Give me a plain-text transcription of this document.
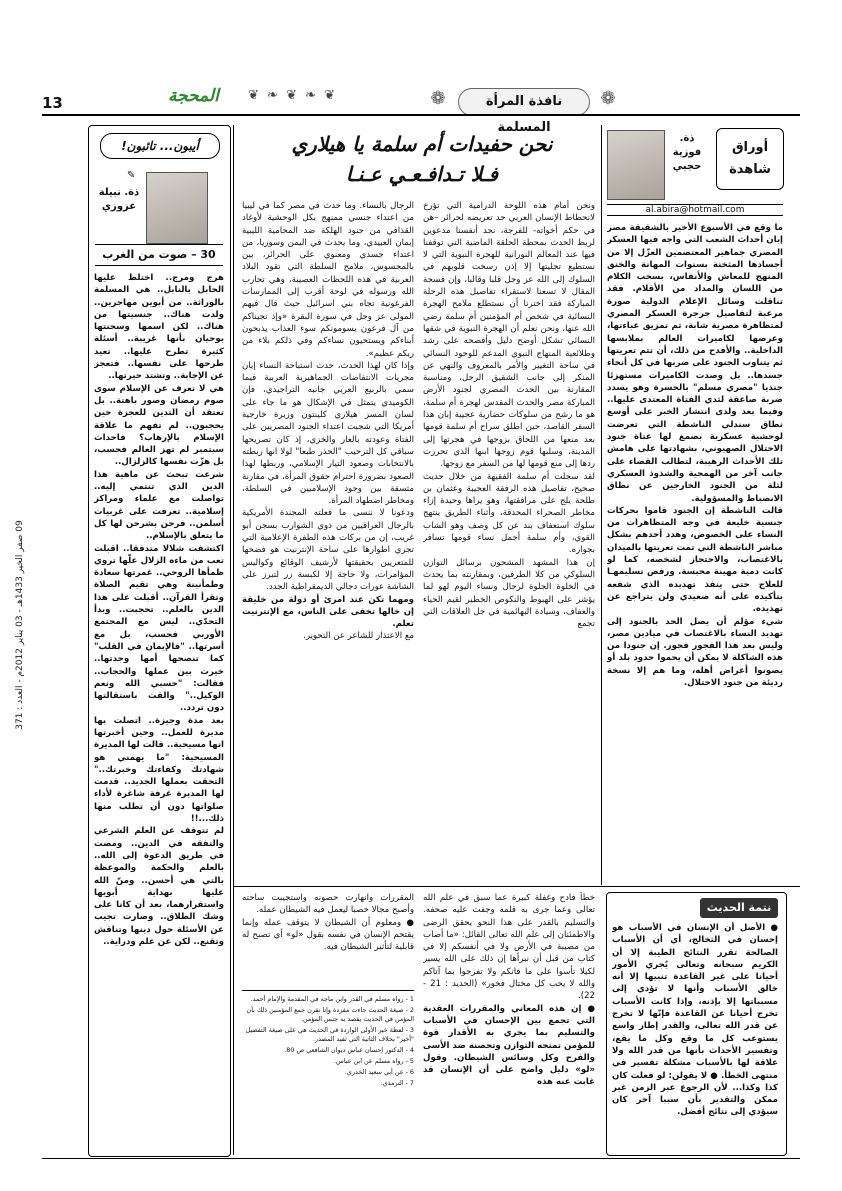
13	المحجة ❦ ❧ ❦ ❧ ❦	❁	نافذة المرأة المسلمة
❁
09 صفر الخير 1433هـ - 03 يناير 2012م - العدد : 371
أيبون... تائبون!
ذة. نبيلة عزوزي
✎
30 – صوت من الغرب

هرج ومرج.. اختلط عليها الحابل بالنابل.. هي المسلمة بالوراثة.. من أبوين مهاجرين.. ولدت هناك.. جنسيتها من هناك.. لكن اسمها وسحنتها يوحيان بأنها غريبة.. أسئلة كثيرة تطرح عليها.. تعيد طرحها على نفسها.. فتعجز عن الإجابة.. وتشتد حيرتها..

هي لا تعرف عن الإسلام سوى صوم رمضان وصور باهتة.. بل تعتقد أن التدين للعجزة حين يحجبون.. لم تفهم ما علاقة الإسلام بالإرهاب؟ فاحداث سبتمبر لم تهز العالم فحسب، بل هزّت نفسها كالزلزال..

شرعت تبحث عن ماهية هذا الدين الذي تنتمي إليه.. تواصلت مع علماء ومراكز إسلامية.. تعرفت على غربيات أسلمن.. فرحن بشرحن لها كل ما يتعلق بالإسلام..

اكتشفت شلالا متدفقا.. اقبلت تعب من ماءه الزلال علّها تروي ظمأها الروحي.. غمرتها سعادة وطمأنينة وهي تقيم الصلاة وتقرأ القرآن.. أقبلت على هذا الدين بالعلم.. تحجبت.. وبدأ التحدّي.. ليس مع المجتمع الأوربي فحسب، بل مع أسرتها.. "فالإيمان في القلب" كما تنصحها أمها وجدتها.. خيرت بين عملها والحجاب.. فقالت: "حسبي الله ونعم الوكيل.." والقت باستقالتها دون تردد..

بعد مدة وجيزة.. اتصلت بها مديرة للعمل.. وحين أخبرتها انها مسيحية.. قالت لها المديرة المسيحية: "ما يهمني هو شهادتك وكفاءتك وخبرتك.." التحقت بعملها الجديد.. قدمت لها المديرة غرفة شاغرة لأداء صلواتها دون أن تطلب منها ذلك...!!

لم تتوقف عن العلم الشرعي والتفقه في الدين.. ومضت في طريق الدعوة إلى الله.. بالعلم والحكمة والموعظة بالتي هي أحسن.. ومنّ الله عليها بهداية أبويها واستقرارهما، بعد أن كانا على وشك الطلاق.. وصارت تجيب عن الأسئلة حول دينها وتناقش وتقنع.. لكن عن علم ودراية..

نحن حفيدات أم سلمة يا هيلاري
فـلا تـدافـعـي عـنـا

ونحن أمام هذه اللوحة الدرامية التي تؤرخ لانحطاط الإنسان العربي حد تعريضه لحرائر –هن في حكم أخواته- للفرجة، نجد أنفسنا مدعوين لربط الحدث بمحطة الحلقة الماضية التي توقفنا فيها عند المعالم النورانية للهجرة النبوية التي لا نستطيع تجليتها إلا إذن رسخت قلوبهم في السلوك إلى الله عز وجل قلبا وقالبا، وإن فسحة المقال لا تسعنا لاستقراء تفاصيل هذه الرحلة المباركة فقد اخترنا أن نستطلع ملامح الهجرة النسائية في شخص أم المؤمنين أم سلمة رضي الله عنها، ونحن نعلم أن الهجرة النبوية في شقها النسائي تشكل أوضح دليل وأفصحه على رشد وطلائعية المنهاج النبوي المدعم للوجود النسائي في ساحة التغيير والأمر بالمعروف والنهي عن المنكر إلى جانب الشقيق الرجل، ومناسبة المقارنة بين الحدث المصري لجنود الأرض المباركة مصر والحدث المقدس لهجرة أم سلمة، هو ما رشح من سلوكات حضارية عجيبة إبان هذا السفر القاصد، حين اطلق سراح أم سلمة قومها بعد منعها من اللحاق بزوجها في هجرتها إلى المدينة، وسلبها قوم زوجها ابنها الذي تحررت ردها إلى منع قومها لها من السفر مع زوجها.

لقد سجلت أم سلمة الفقيهة من خلال حديث صحيح، تفاصيل هذه الرفقة العجيبة وعثمان بن طلحة يلج على مرافقتها، وهو يراها وحيدة إزاء مخاطر الصحراء المحدقة، وأثناء الطريق ينتهج سلوك استعفاف بند عن كل وصف وهو الشاب القوي، وأم سلمة أجمل نساء قومها تسافر بجواره.

إن هذا المشهد المشحون برسائل التوازن السلوكي من كلا الطرفين، وبمقارنته بما يحدث في الخلوة الجلوة لرجال ونساء اليوم لهو لما يؤشر على الهبوط والنكوص الخطير لقيم الحياء والعفاف، وسيادة البهائمية في جل العلاقات التي تجمع

الرجال بالنساء. وما حدث في مصر كما في ليبيا من اعتداء جنسي ممنهج بكل الوحشية لأوغاد القذافي من جنود الهلكة ضد المحامية الليبية إيمان العبيدي، وما يحدث في اليمن وسوريا، من اعتداء جسدي ومعنوي على الحرائر، بين بالمحسوس، ملامح السلطة التي تقود البلاد العربية في هذه اللحظات العصيبة، وهي تحارب الله ورسوله في لوحة أقرب إلى الممارسات الفرعونية تجاه بني اسرائيل حيث قال فيهم المولى عز وجل في سورة البقرة «وإذ نجيناكم من آل فرعون يسومونكم سوء العذاب يذبحون أبناءكم ويستحيون نساءكم وفي ذلكم بلاء من ربكم عظيم».

وإذا كان لهذا الحدث، حدث استباحة النساء إبان مجريات الانتفاضات الجماهيرية العربية فيما سمي بالربيع العربي جانبه التراجيدي، فإن الكوميدي يتمثل في الإشكال هو ما جاء على لسان المسز هيلاري كلينتون وزيرة خارجية أمريكا التي شجبت اعتداء الجنود المصريين على الفتاة وعودته بالعار والخزي، إذ كان تصريحها سياقي كل الترحيب "الحذر طبعا" لولا انها ربطته بالانتخابات وصعود التيار الإسلامي، وربطها لهذا الصعود بضرورة احترام حقوق المرأة، في مقارنة متسقة بين وجود الإسلاميين في السلطة، ومخاطر اضطهاد المرأة.

ودعونا لا ننسى ما فعلته المجندة الأمريكية بالرجال العراقيين من ذوي الشوارب بسجن أبو غريب، إن من بركات هذه الطفرة الإعلامية التي تجري اطوارها على ساحة الإنترنيت هو فضحها للمتعريين بحقيقتها لأرشيف الوقائع وكواليس المؤامرات، ولا حاجة إلا لكبسة زر لتبرز على الشاشة عورات دجالي الديمقراطية الجدد.

ومهما تكن عند امرئ أو دولة من خليقة إن خالها تخفى على الناس، مع الإنترنيت تعلم.

مع الاعتذار للشاعر عن التحوير.

خطأ فادح وغفلة كبيرة عما سبق في علم الله تعالى وعما جرى به قلمه وجفت عليه صحفه. والتسليم بالقدر على هذا النحو يحقق الرضى والاطمئنان إلى علم الله تعالى القائل: «ما أصاب من مصيبة في الأرض ولا في أنفسكم إلا في كتاب من قبل أن نبرأها إن ذلك على الله يسير لكيلا تأسوا على ما فاتكم ولا تفرحوا بما آتاكم والله لا يحب كل مختال فخور» (الحديد : 21 - 22).

● إن هذه المعاني والمقررات العقدية التي تجمع بين الإحسان في الأسباب والتسليم بما يجري به الأقدار قوة للمؤمن تمنحه التوازن وتحصنه ضد الأسى والفرح وكل وسائس الشيطان. وقول «لو» دليل واضح على أن الإنسان قد غابت عنه هذه

المقررات وانهارت حصونه واستجيبت ساحته وأصبح مجالا خصبا ليعمل فيه الشيطان عمله.

● ومعلوم أن الشيطان لا يتوقف عمله وإنما يقتحم الإنسان في نفسه بقول «لو» أي تصبح له قابلية لتأثير الشيطان فيه.

1 - رواه مسلم في القدر وابن ماجه في المقدمة والإمام أحمد.
2 - صيغة الحديث جاءت مفردة وإنا نقرن جمع المؤمنين ذلك بأن المؤمن في الحديث يقصد به جنس المؤمن.
3 - لفظة خير الأولى الواردة في الحديث هي على صيغة التفضيل "أخير" بخلاف الثانية التي تفيد المصدر.
4 - الدكتور إحسان عباس ديوان الشافعي ص 80.
5 - رواه مسلم عن ابن عباس.
6 - عن أبي سعيد الخدري.
7 - الترمذي.
أوراق شاهدة
ذة. فوزية حجبي
al.abira@hotmail.com

ما وقع في الأسبوع الأخير بالشقيقة مصر إبان أحداث الشعب التي واجه فيها العسكر المصري جماهير المعتصمين العزّل إلا من أجسادها المثخنة بسنوات المهانة والخنق المنهج للمعاش والأنفاس، بسحب الكلام من اللسان والمداد من الأقلام. فقد تناقلت وسائل الإعلام الدولية صورة مرعبة لتفاصيل جرجرة العسكر المصري لمتظاهرة مصرية شابة، ثم تمزيق عباءتها، وعرضها لكاميرات العالم بملابسها الداخلية.. والأفدح من ذلك، أن تتم تعريتها ثم يتناوب الجنود على ضربها في كل أنحاء جسدها.. بل وصدت الكاميرات مستهزئا جنديا "مصري مسلم" بالحسرة وهو يسدد ضربة صاعقة لثدي الفتاة المعتدى عليها.. وفيما بعد ولدى انتشار الخبر على أوسع نطاق سندلي الناشطة التي تعرضت لوحشية عسكرية بصمغ لها عتاة جنود الاحتلال الصهيوني، بشهادتها على هامش تلك الأحداث الرهيبة، لتطالب القضاء على جانب آخر من الهمجية والشذوذ العسكري لثلة من الجنود الخارجين عن نطاق الانضباط والمسؤولية.

قالت الناشطة إن الجنود قاموا بحركات جنسية خليعة في وجه المتظاهرات من النساء على الخصوص، وهدد أحدهم بشكل مباشر الناشطة التي تمت تعريتها بالميدان بالاغتصاب، والاحتجاز لشخصه، كما لو كانت دمية مهينة محبسة. ورفض تسليمهـا للعلاج حتى ينفذ تهديده الذي شفعه بتأكيده على أنه صعيدي ولن يتراجع عن تهديده.

شيء مؤلم أن يصل الحد بالجنود إلى تهديد النساء بالاغتصاب في ميادين مصر، وليس بعد هذا الفجور فجور. إن جنودا من هذه الشاكلة لا يمكن أن يحموا حدود بلد أو يصونوا أعراض أهله، وما هم إلا نسخة رديئة من جنود الاحتلال.

نتمة الحديث
● الأصل أن الإنسان في الأسباب هو إحسان في التخالج، أي أن الأسباب الصالحة تقرر النتائج الطيبة إلا أن الكريم سبحانه وتعالى يُجري الأمور أحيانا على غير القاعدة تنبيها إلا أنه خالق الأسباب وأنها لا تؤدي إلى مسبباتها إلا بإذنه، وإذا كانت الأسباب تخرج أحيانا عن القاعدة فإنّها لا تخرج عن قدر الله تعالى، والقدر إطار واسع يستوعب كل ما وقع وكل ما يقع، وتفسير الأحداث بأنها من قدر الله ولا علاقة لها بالأسباب مشكلة تفسير في منتهى الخطأ. ● لا يقولن: لو فعلت كان كذا وكذا... لأن الرجوع عبر الزمن غير ممكن والتقدير بأن سببا آخر كان سيؤدي إلى نتائج أفضل.
